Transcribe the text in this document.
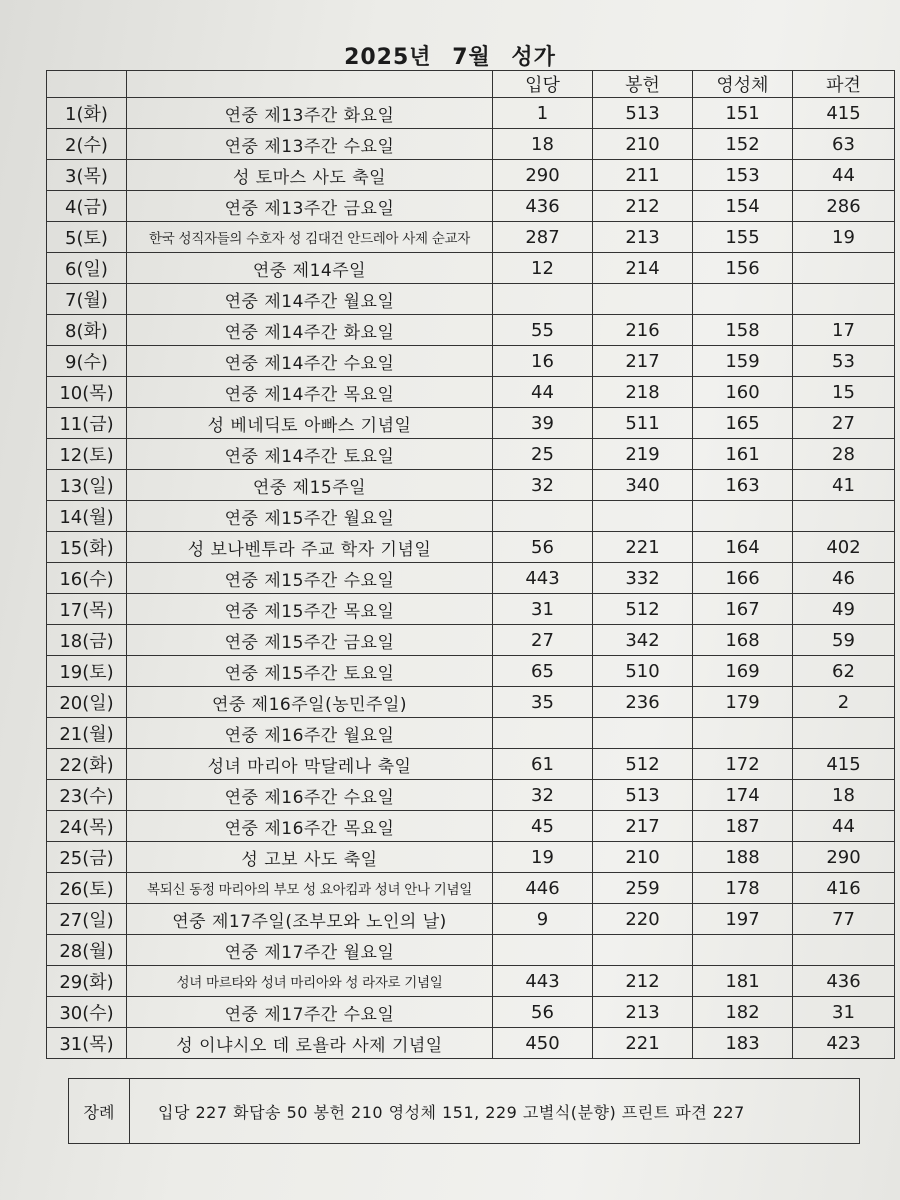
2025년 7월 성가
		입당	봉헌	영성체	파견
1(화)	연중 제13주간 화요일	1	513	151	415
2(수)	연중 제13주간 수요일	18	210	152	63
3(목)	성 토마스 사도 축일	290	211	153	44
4(금)	연중 제13주간 금요일	436	212	154	286
5(토)	한국 성직자들의 수호자 성 김대건 안드레아 사제 순교자	287	213	155	19
6(일)	연중 제14주일	12	214	156	
7(월)	연중 제14주간 월요일				
8(화)	연중 제14주간 화요일	55	216	158	17
9(수)	연중 제14주간 수요일	16	217	159	53
10(목)	연중 제14주간 목요일	44	218	160	15
11(금)	성 베네딕토 아빠스 기념일	39	511	165	27
12(토)	연중 제14주간 토요일	25	219	161	28
13(일)	연중 제15주일	32	340	163	41
14(월)	연중 제15주간 월요일				
15(화)	성 보나벤투라 주교 학자 기념일	56	221	164	402
16(수)	연중 제15주간 수요일	443	332	166	46
17(목)	연중 제15주간 목요일	31	512	167	49
18(금)	연중 제15주간 금요일	27	342	168	59
19(토)	연중 제15주간 토요일	65	510	169	62
20(일)	연중 제16주일(농민주일)	35	236	179	2
21(월)	연중 제16주간 월요일				
22(화)	성녀 마리아 막달레나 축일	61	512	172	415
23(수)	연중 제16주간 수요일	32	513	174	18
24(목)	연중 제16주간 목요일	45	217	187	44
25(금)	성 고보 사도 축일	19	210	188	290
26(토)	복되신 동정 마리아의 부모 성 요아킴과 성녀 안나 기념일	446	259	178	416
27(일)	연중 제17주일(조부모와 노인의 날)	9	220	197	77
28(월)	연중 제17주간 월요일				
29(화)	성녀 마르타와 성녀 마리아와 성 라자로 기념일	443	212	181	436
30(수)	연중 제17주간 수요일	56	213	182	31
31(목)	성 이냐시오 데 로욜라 사제 기념일	450	221	183	423
장례	입당 227 화답송 50 봉헌 210 영성체 151, 229 고별식(분향) 프린트 파견 227
